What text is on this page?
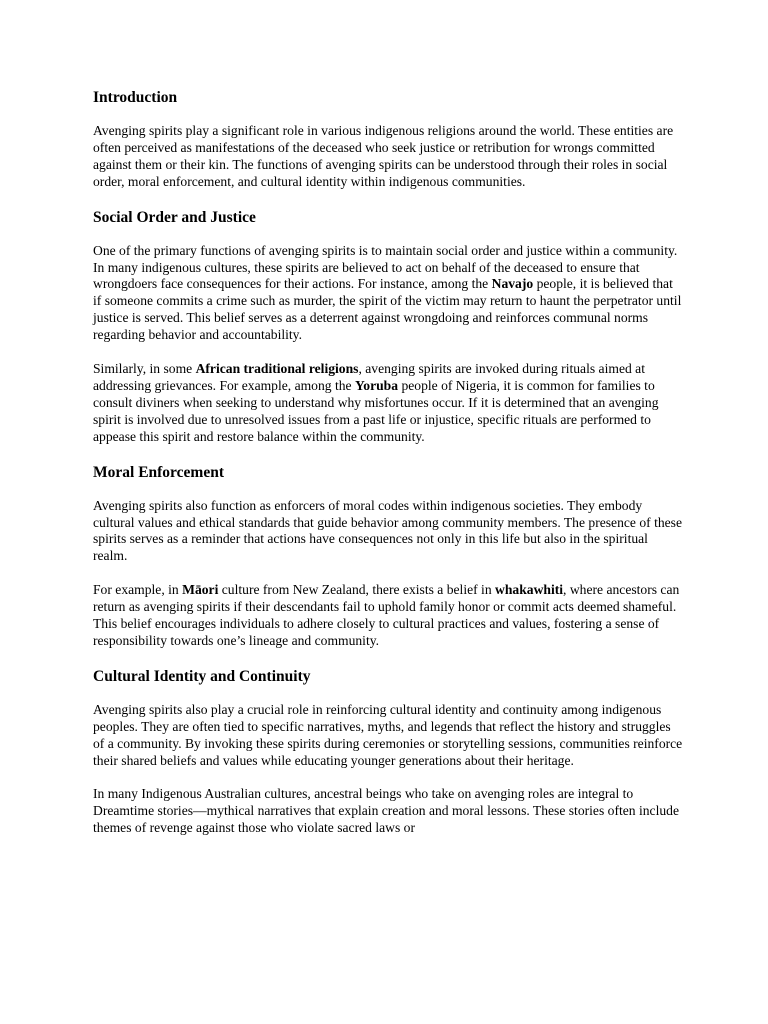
Introduction

Avenging spirits play a significant role in various indigenous religions around the world. These entities are often perceived as manifestations of the deceased who seek justice or retribution for wrongs committed against them or their kin. The functions of avenging spirits can be understood through their roles in social order, moral enforcement, and cultural identity within indigenous communities.

Social Order and Justice

One of the primary functions of avenging spirits is to maintain social order and justice within a community. In many indigenous cultures, these spirits are believed to act on behalf of the deceased to ensure that wrongdoers face consequences for their actions. For instance, among the Navajo people, it is believed that if someone commits a crime such as murder, the spirit of the victim may return to haunt the perpetrator until justice is served. This belief serves as a deterrent against wrongdoing and reinforces communal norms regarding behavior and accountability.

Similarly, in some African traditional religions, avenging spirits are invoked during rituals aimed at addressing grievances. For example, among the Yoruba people of Nigeria, it is common for families to consult diviners when seeking to understand why misfortunes occur. If it is determined that an avenging spirit is involved due to unresolved issues from a past life or injustice, specific rituals are performed to appease this spirit and restore balance within the community.

Moral Enforcement

Avenging spirits also function as enforcers of moral codes within indigenous societies. They embody cultural values and ethical standards that guide behavior among community members. The presence of these spirits serves as a reminder that actions have consequences not only in this life but also in the spiritual realm.

For example, in Māori culture from New Zealand, there exists a belief in whakawhiti, where ancestors can return as avenging spirits if their descendants fail to uphold family honor or commit acts deemed shameful. This belief encourages individuals to adhere closely to cultural practices and values, fostering a sense of responsibility towards one’s lineage and community.

Cultural Identity and Continuity

Avenging spirits also play a crucial role in reinforcing cultural identity and continuity among indigenous peoples. They are often tied to specific narratives, myths, and legends that reflect the history and struggles of a community. By invoking these spirits during ceremonies or storytelling sessions, communities reinforce their shared beliefs and values while educating younger generations about their heritage.

In many Indigenous Australian cultures, ancestral beings who take on avenging roles are integral to Dreamtime stories—mythical narratives that explain creation and moral lessons. These stories often include themes of revenge against those who violate sacred laws or
